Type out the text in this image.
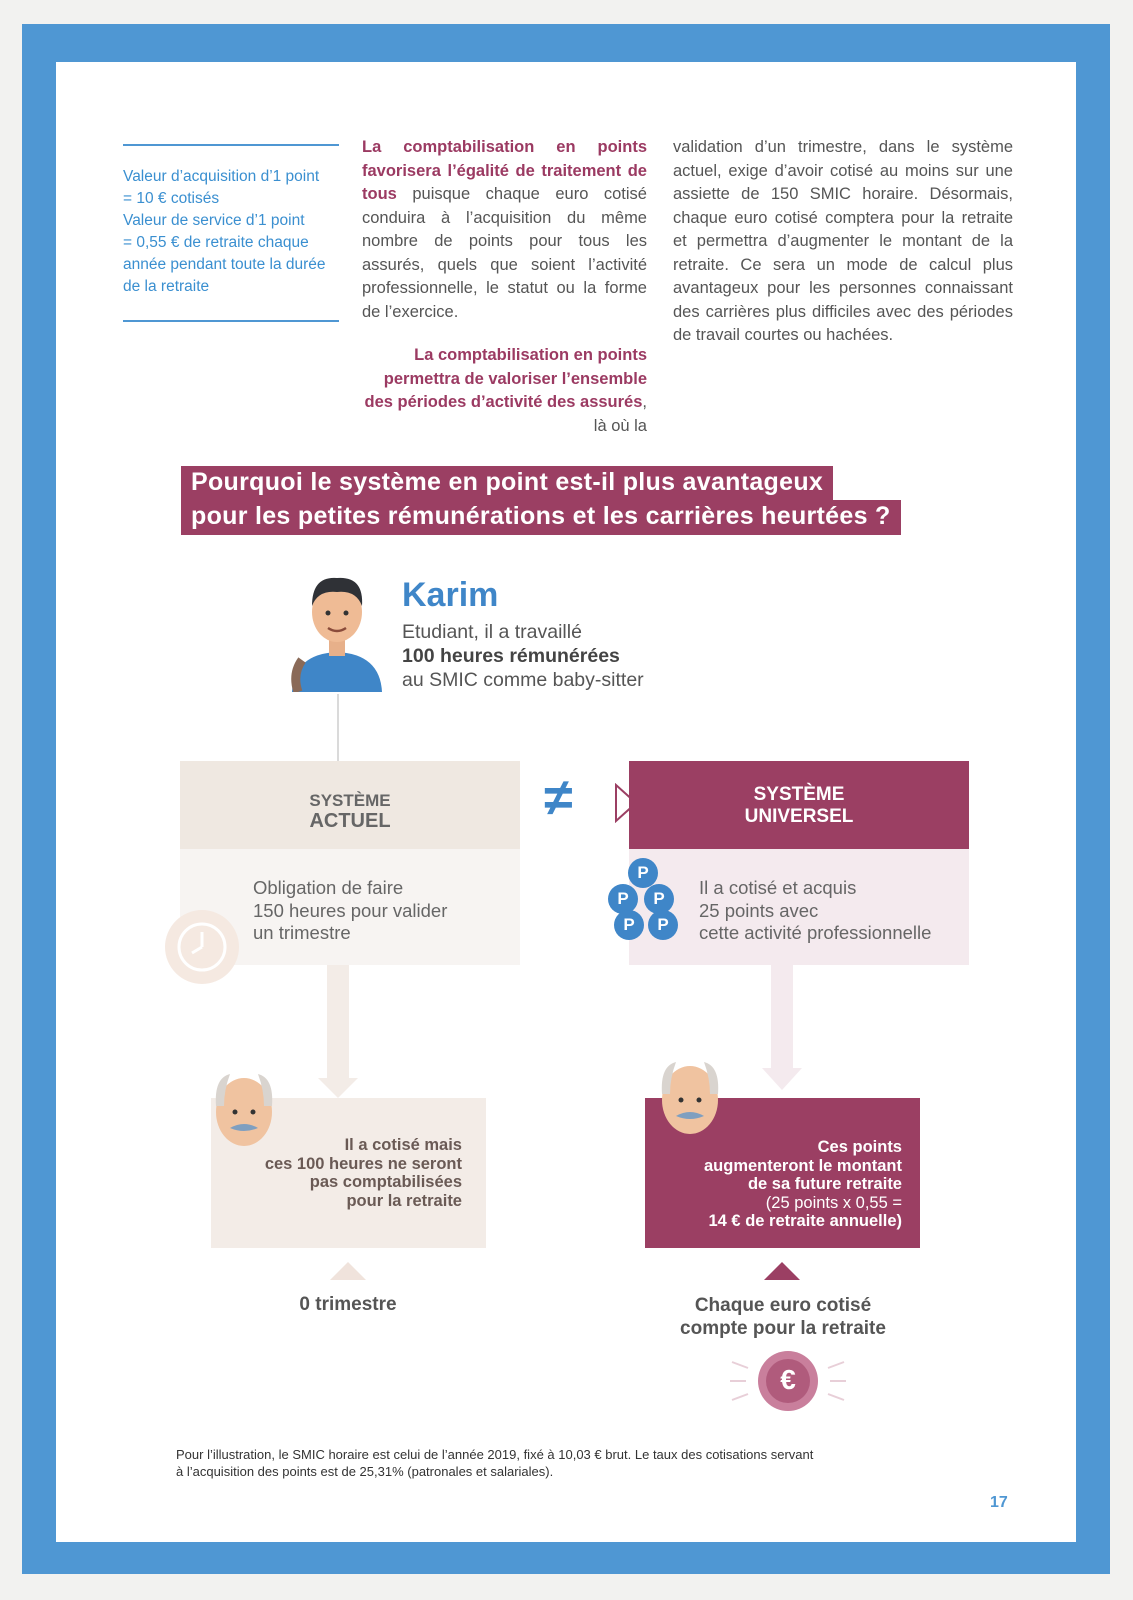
Valeur d’acquisition d’1 point
= 10 € cotisés
Valeur de service d’1 point
= 0,55 € de retraite chaque
année pendant toute la durée
de la retraite

La comptabilisation en points favorisera l’égalité de traitement de tous puisque chaque euro cotisé conduira à l’acquisition du même nombre de points pour tous les assurés, quels que soient l’activité professionnelle, le statut ou la forme de l’exercice.

La comptabilisation en points permettra de valoriser l’ensemble des périodes d’activité des assurés, là où la

validation d’un trimestre, dans le système actuel, exige d’avoir cotisé au moins sur une assiette de 150 SMIC horaire. Désormais, chaque euro cotisé comptera pour la retraite et permettra d’augmenter le montant de la retraite. Ce sera un mode de calcul plus avantageux pour les personnes connaissant des carrières plus difficiles avec des périodes de travail courtes ou hachées.

Pourquoi le système en point est-il plus avantageux
pour les petites rémunérations et les carrières heurtées ?
Karim
Etudiant, il a travaillé
100 heures rémunérées
au SMIC comme baby-sitter
SYSTÈME
ACTUEL
Obligation de faire
150 heures pour valider
un trimestre
≠	SYSTÈME
UNIVERSEL
Il a cotisé et acquis
25 points avec
cette activité professionnelle
P
P	P
P	P
Il a cotisé mais
ces 100 heures ne seront
pas comptabilisées
pour la retraite
Ces points
augmenteront le montant
de sa future retraite
(25 points x 0,55 =
14 € de retraite annuelle)
0 trimestre	Chaque euro cotisé
compte pour la retraite
€
Pour l’illustration, le SMIC horaire est celui de l’année 2019, fixé à 10,03 € brut. Le taux des cotisations servant
à l’acquisition des points est de 25,31% (patronales et salariales).
17
